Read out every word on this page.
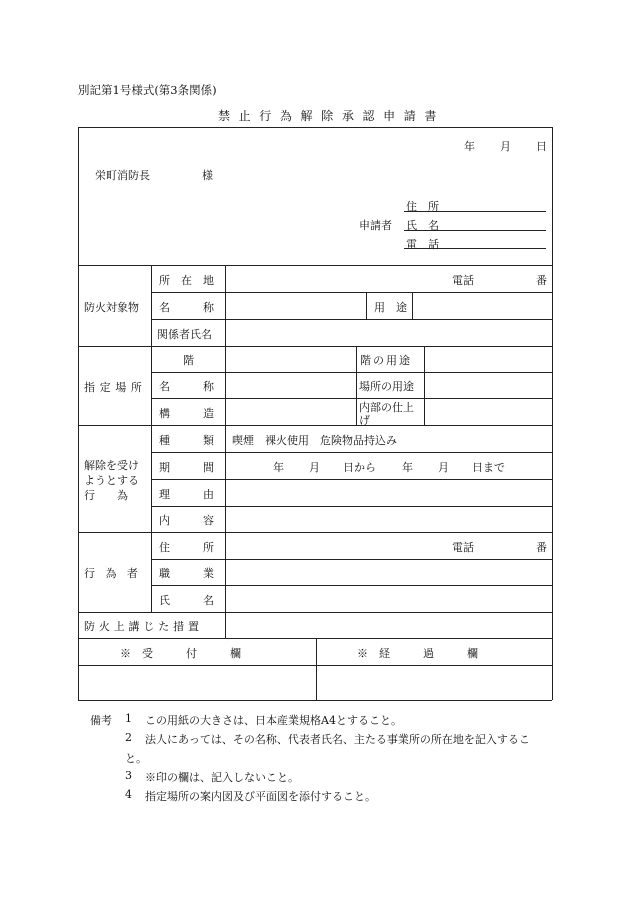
別記第1号様式(第3条関係)
禁止行為解除承認申請書
年 月 日
栄町消防長	様
申請者
住　所
氏　名
電　話
防火対象物
所　在　地	電話	番
名　　　称	用　途
関係者氏名
指定場所
階	階の用途
名　　　称	場所の用途
構　　　造	内部の仕上
げ
解除を受け
ようとする
行　　為
種　　　類 喫煙　裸火使用　危険物品持込み
期　　　間	年 月 日から 年 月 日まで
理　　　由
内　　　容
行為者
住　　　所	電話	番
職　　　業
氏　　　名
防火上講じた措置
※　受　　　付　　　欄	※　経　　　過　　　欄
備考 1 この用紙の大きさは、日本産業規格A4とすること。
2 法人にあっては、その名称、代表者氏名、主たる事業所の所在地を記入するこ
と。
3 ※印の欄は、記入しないこと。
4 指定場所の案内図及び平面図を添付すること。
